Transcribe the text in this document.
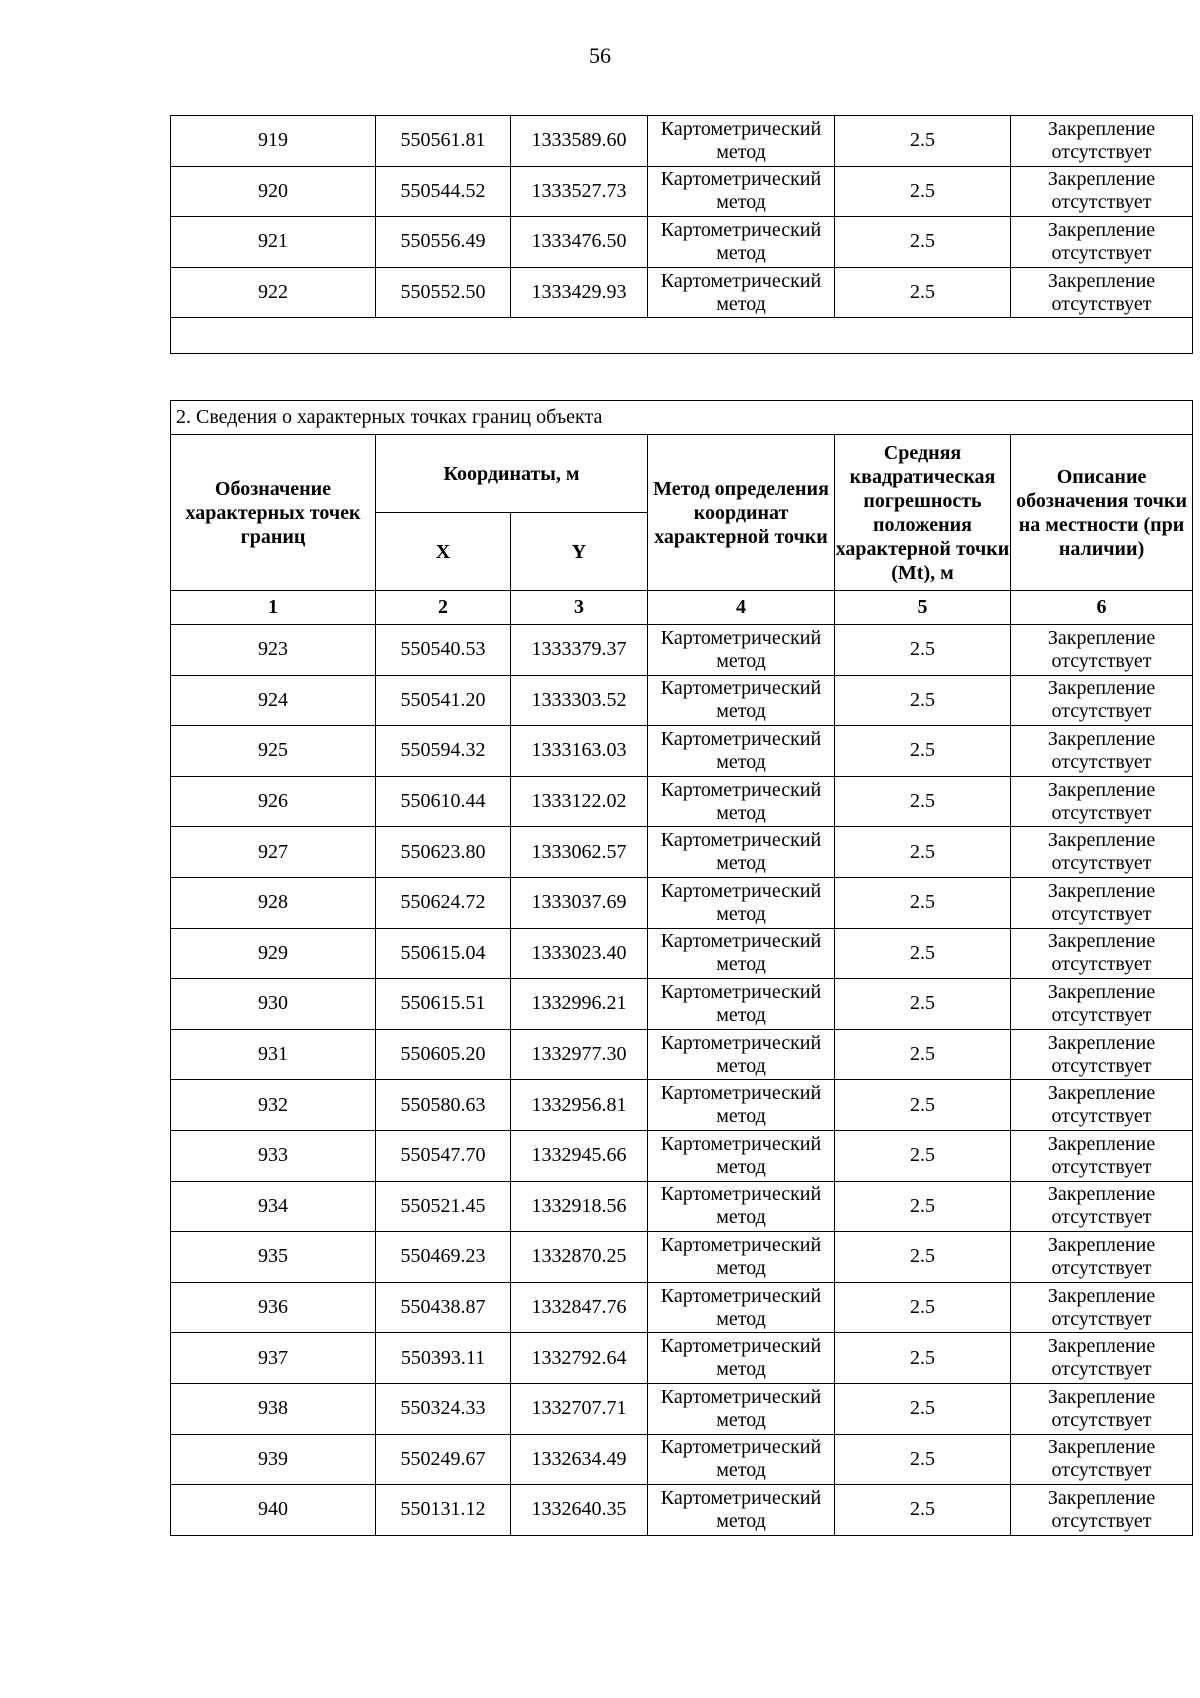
56
919	550561.81	1333589.60	Картометрический метод	2.5	Закрепление отсутствует
920	550544.52	1333527.73	Картометрический метод	2.5	Закрепление отсутствует
921	550556.49	1333476.50	Картометрический метод	2.5	Закрепление отсутствует
922	550552.50	1333429.93	Картометрический метод	2.5	Закрепление отсутствует

2. Сведения о характерных точках границ объекта					
Обозначение характерных точек границ	Координаты, м		Метод определения координат характерной точки	Средняя квадратическая погрешность положения характерной точки (Mt), м	Описание обозначения точки на местности (при наличии)
	X	Y			
1	2	3	4	5	6
923	550540.53	1333379.37	Картометрический метод	2.5	Закрепление отсутствует
924	550541.20	1333303.52	Картометрический метод	2.5	Закрепление отсутствует
925	550594.32	1333163.03	Картометрический метод	2.5	Закрепление отсутствует
926	550610.44	1333122.02	Картометрический метод	2.5	Закрепление отсутствует
927	550623.80	1333062.57	Картометрический метод	2.5	Закрепление отсутствует
928	550624.72	1333037.69	Картометрический метод	2.5	Закрепление отсутствует
929	550615.04	1333023.40	Картометрический метод	2.5	Закрепление отсутствует
930	550615.51	1332996.21	Картометрический метод	2.5	Закрепление отсутствует
931	550605.20	1332977.30	Картометрический метод	2.5	Закрепление отсутствует
932	550580.63	1332956.81	Картометрический метод	2.5	Закрепление отсутствует
933	550547.70	1332945.66	Картометрический метод	2.5	Закрепление отсутствует
934	550521.45	1332918.56	Картометрический метод	2.5	Закрепление отсутствует
935	550469.23	1332870.25	Картометрический метод	2.5	Закрепление отсутствует
936	550438.87	1332847.76	Картометрический метод	2.5	Закрепление отсутствует
937	550393.11	1332792.64	Картометрический метод	2.5	Закрепление отсутствует
938	550324.33	1332707.71	Картометрический метод	2.5	Закрепление отсутствует
939	550249.67	1332634.49	Картометрический метод	2.5	Закрепление отсутствует
940	550131.12	1332640.35	Картометрический метод	2.5	Закрепление отсутствует
